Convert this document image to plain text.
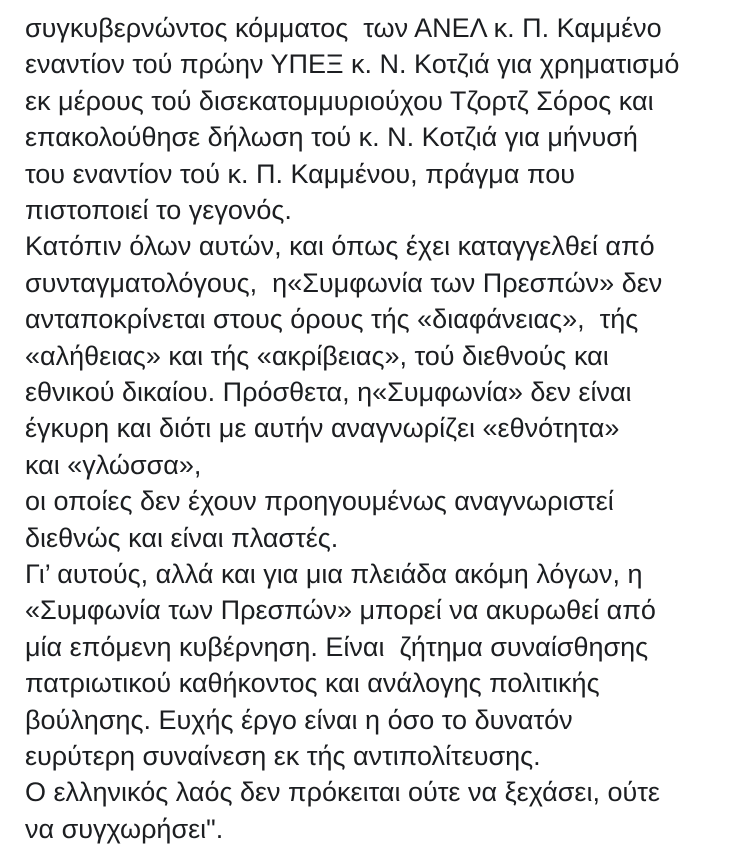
συγκυβερνώντος κόμματος  των ΑΝΕΛ κ. Π. Καμμένο
εναντίον τού πρώην ΥΠΕΞ κ. Ν. Κοτζιά για χρηματισμό
εκ μέρους τού δισεκατομμυριούχου Τζορτζ Σόρος και
επακολούθησε δήλωση τού κ. Ν. Κοτζιά για μήνυσή
του εναντίον τού κ. Π. Καμμένου, πράγμα που
πιστοποιεί το γεγονός.
Κατόπιν όλων αυτών, και όπως έχει καταγγελθεί από
συνταγματολόγους,  η«Συμφωνία των Πρεσπών» δεν
ανταποκρίνεται στους όρους τής «διαφάνειας»,  τής
«αλήθειας» και τής «ακρίβειας», τού διεθνούς και
εθνικού δικαίου. Πρόσθετα, η«Συμφωνία» δεν είναι
έγκυρη και διότι με αυτήν αναγνωρίζει «εθνότητα»
και «γλώσσα»,
οι οποίες δεν έχουν προηγουμένως αναγνωριστεί
διεθνώς και είναι πλαστές.
Γι’ αυτούς, αλλά και για μια πλειάδα ακόμη λόγων, η
«Συμφωνία των Πρεσπών» μπορεί να ακυρωθεί από
μία επόμενη κυβέρνηση. Είναι  ζήτημα συναίσθησης
πατριωτικού καθήκοντος και ανάλογης πολιτικής
βούλησης. Ευχής έργο είναι η όσο το δυνατόν
ευρύτερη συναίνεση εκ τής αντιπολίτευσης.
Ο ελληνικός λαός δεν πρόκειται ούτε να ξεχάσει, ούτε
να συγχωρήσει".
